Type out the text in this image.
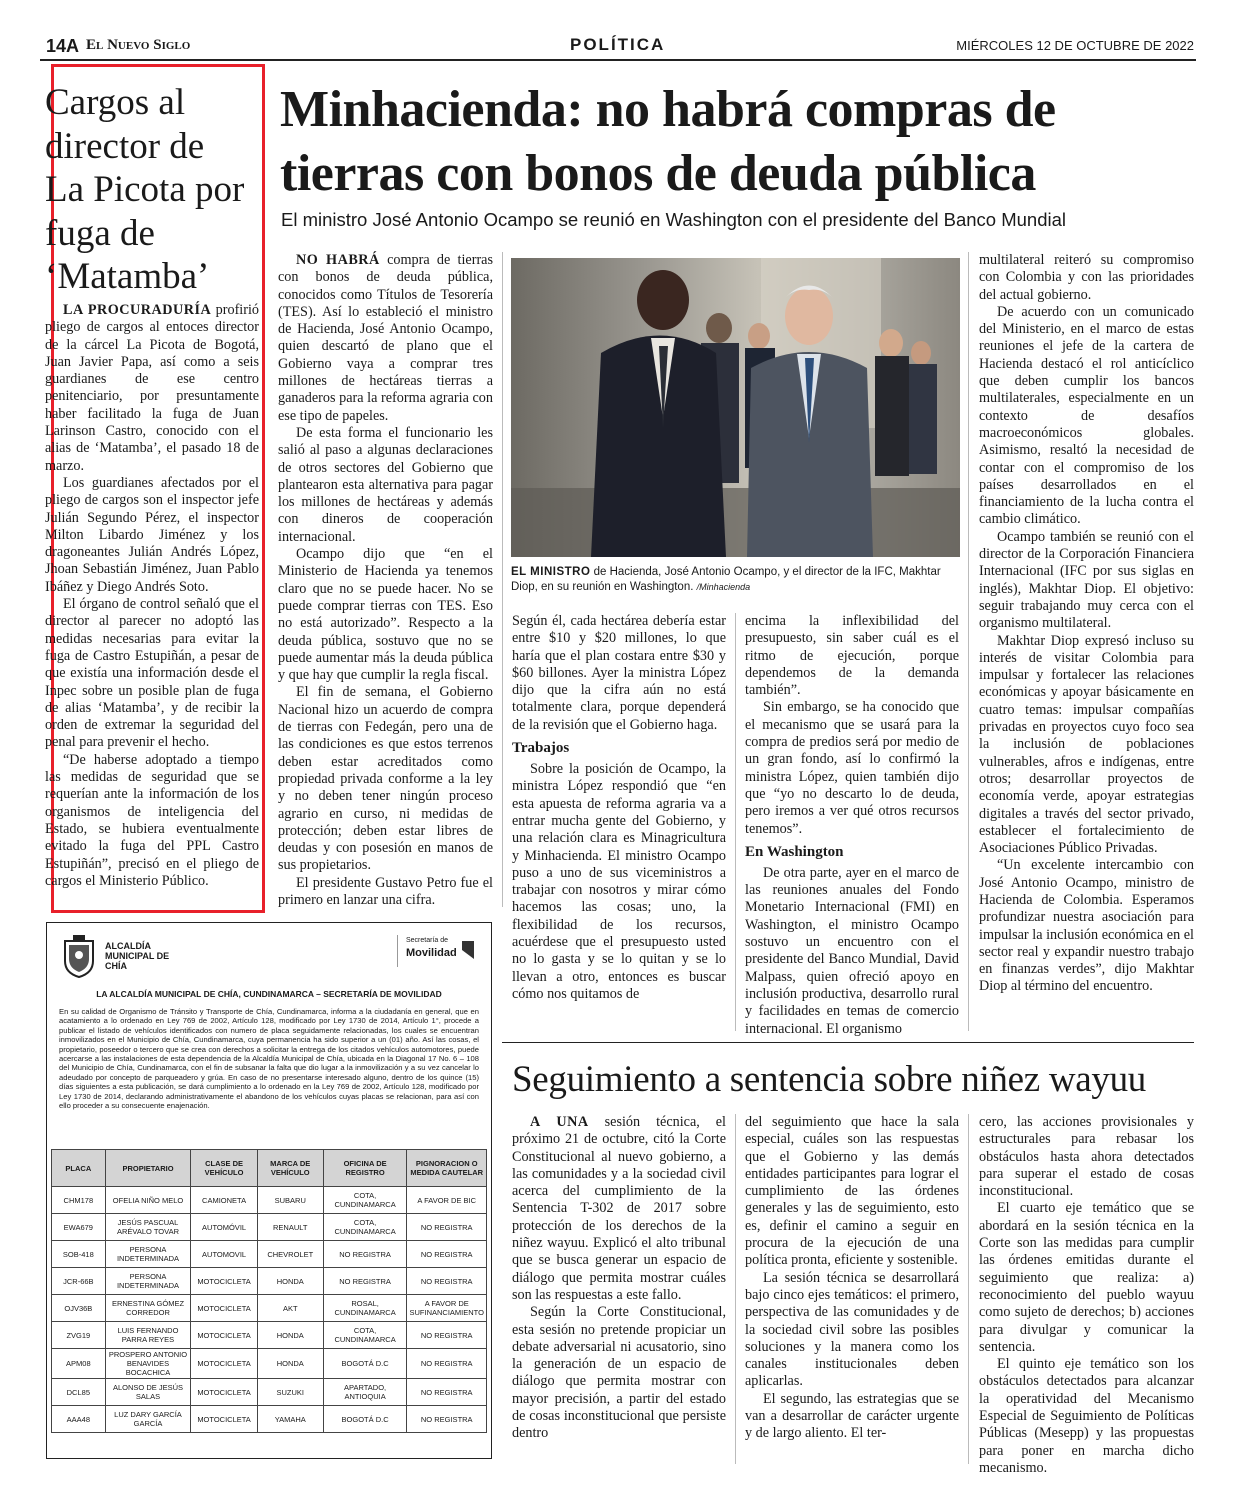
14A El Nuevo Siglo	POLÍTICA	MIÉRCOLES 12 DE OCTUBRE DE 2022
Cargos al director de La Picota por fuga de ‘Matamba’

LA PROCURADURÍA profirió pliego de cargos al entoces director de la cárcel La Picota de Bogotá, Juan Javier Papa, así como a seis guardianes de ese centro penitenciario, por presuntamente haber facilitado la fuga de Juan Larinson Castro, conocido con el alias de ‘Matamba’, el pasado 18 de marzo.

Los guardianes afectados por el pliego de cargos son el inspector jefe Julián Segundo Pérez, el inspector Milton Libardo Jiménez y los dragoneantes Julián Andrés López, Jhoan Sebastián Jiménez, Juan Pablo Ibáñez y Diego Andrés Soto.

El órgano de control señaló que el director al parecer no adoptó las medidas necesarias para evitar la fuga de Castro Estupiñán, a pesar de que existía una información desde el Inpec sobre un posible plan de fuga de alias ‘Matamba’, y de recibir la orden de extremar la seguridad del penal para prevenir el hecho.

“De haberse adoptado a tiempo las medidas de seguridad que se requerían ante la información de los organismos de inteligencia del Estado, se hubiera eventualmente evitado la fuga del PPL Castro Estupiñán”, precisó en el pliego de cargos el Ministerio Público.

Minhacienda: no habrá compras de tierras con bonos de deuda pública
El ministro José Antonio Ocampo se reunió en Washington con el presidente del Banco Mundial

NO HABRÁ compra de tierras con bonos de deuda pública, conocidos como Títulos de Tesorería (TES). Así lo estableció el ministro de Hacienda, José Antonio Ocampo, quien descartó de plano que el Gobierno vaya a comprar tres millones de hectáreas tierras a ganaderos para la reforma agraria con ese tipo de papeles.

De esta forma el funcionario les salió al paso a algunas declaraciones de otros sectores del Gobierno que plantearon esta alternativa para pagar los millones de hectáreas y además con dineros de cooperación internacional.

Ocampo dijo que “en el Ministerio de Hacienda ya tenemos claro que no se puede hacer. No se puede comprar tierras con TES. Eso no está autorizado”. Respecto a la deuda pública, sostuvo que no se puede aumentar más la deuda pública y que hay que cumplir la regla fiscal.

El fin de semana, el Gobierno Nacional hizo un acuerdo de compra de tierras con Fedegán, pero una de las condiciones es que estos terrenos deben estar acreditados como propiedad privada conforme a la ley y no deben tener ningún proceso agrario en curso, ni medidas de protección; deben estar libres de deudas y con posesión en manos de sus propietarios.

El presidente Gustavo Petro fue el primero en lanzar una cifra.

EL MINISTRO de Hacienda, José Antonio Ocampo, y el director de la IFC, Makhtar Diop, en su reunión en Washington. /Minhacienda

Según él, cada hectárea debería estar entre $10 y $20 millones, lo que haría que el plan costara entre $30 y $60 billones. Ayer la ministra López dijo que la cifra aún no está totalmente clara, porque dependerá de la revisión que el Gobierno haga.

Trabajos

Sobre la posición de Ocampo, la ministra López respondió que “en esta apuesta de reforma agraria va a entrar mucha gente del Gobierno, y una relación clara es Minagricultura y Minhacienda. El ministro Ocampo puso a uno de sus viceministros a trabajar con nosotros y mirar cómo hacemos las cosas; uno, la flexibilidad de los recursos, acuérdese que el presupuesto usted no lo gasta y se lo quitan y se lo llevan a otro, entonces es buscar cómo nos quitamos de

encima la inflexibilidad del presupuesto, sin saber cuál es el ritmo de ejecución, porque dependemos de la demanda también”.

Sin embargo, se ha conocido que el mecanismo que se usará para la compra de predios será por medio de un gran fondo, así lo confirmó la ministra López, quien también dijo que “yo no descarto lo de deuda, pero iremos a ver qué otros recursos tenemos”.

En Washington

De otra parte, ayer en el marco de las reuniones anuales del Fondo Monetario Internacional (FMI) en Washington, el ministro Ocampo sostuvo un encuentro con el presidente del Banco Mundial, David Malpass, quien ofreció apoyo en inclusión productiva, desarrollo rural y facilidades en temas de comercio internacional. El organismo

multilateral reiteró su compromiso con Colombia y con las prioridades del actual gobierno.

De acuerdo con un comunicado del Ministerio, en el marco de estas reuniones el jefe de la cartera de Hacienda destacó el rol anticíclico que deben cumplir los bancos multilaterales, especialmente en un contexto de desafíos macroeconómicos globales. Asimismo, resaltó la necesidad de contar con el compromiso de los países desarrollados en el financiamiento de la lucha contra el cambio climático.

Ocampo también se reunió con el director de la Corporación Financiera Internacional (IFC por sus siglas en inglés), Makhtar Diop. El objetivo: seguir trabajando muy cerca con el organismo multilateral.

Makhtar Diop expresó incluso su interés de visitar Colombia para impulsar y fortalecer las relaciones económicas y apoyar básicamente en cuatro temas: impulsar compañías privadas en proyectos cuyo foco sea la inclusión de poblaciones vulnerables, afros e indígenas, entre otros; desarrollar proyectos de economía verde, apoyar estrategias digitales a través del sector privado, establecer el fortalecimiento de Asociaciones Público Privadas.

“Un excelente intercambio con José Antonio Ocampo, ministro de Hacienda de Colombia. Esperamos profundizar nuestra asociación para impulsar la inclusión económica en el sector real y expandir nuestro trabajo en finanzas verdes”, dijo Makhtar Diop al término del encuentro.

ALCALDÍA MUNICIPAL DE CHÍA
Secretaría de
Movilidad
LA ALCALDÍA MUNICIPAL DE CHÍA, CUNDINAMARCA – SECRETARÍA DE MOVILIDAD
En su calidad de Organismo de Tránsito y Transporte de Chía, Cundinamarca, informa a la ciudadanía en general, que en acatamiento a lo ordenado en Ley 769 de 2002, Artículo 128, modificado por Ley 1730 de 2014, Artículo 1°, procede a publicar el listado de vehículos identificados con numero de placa seguidamente relacionadas, los cuales se encuentran inmovilizados en el Municipio de Chía, Cundinamarca, cuya permanencia ha sido superior a un (01) año. Así las cosas, el propietario, poseedor o tercero que se crea con derechos a solicitar la entrega de los citados vehículos automotores, puede acercarse a las instalaciones de esta dependencia de la Alcaldía Municipal de Chía, ubicada en la Diagonal 17 No. 6 – 108 del Municipio de Chía, Cundinamarca, con el fin de subsanar la falta que dio lugar a la inmovilización y a su vez cancelar lo adeudado por concepto de parqueadero y grúa. En caso de no presentarse interesado alguno, dentro de los quince (15) días siguientes a esta publicación, se dará cumplimiento a lo ordenado en la Ley 769 de 2002, Artículo 128, modificado por Ley 1730 de 2014, declarando administrativamente el abandono de los vehículos cuyas placas se relacionan, para así con ello proceder a su consecuente enajenación.
PLACA	PROPIETARIO	CLASE DE VEHÍCULO	MARCA DE VEHÍCULO	OFICINA DE REGISTRO	PIGNORACION O MEDIDA CAUTELAR
CHM178	OFELIA NIÑO MELO	CAMIONETA	SUBARU	COTA, CUNDINAMARCA	A FAVOR DE BIC
EWA679	JESÚS PASCUAL ARÉVALO TOVAR	AUTOMÓVIL	RENAULT	COTA, CUNDINAMARCA	NO REGISTRA
SOB-418	PERSONA INDETERMINADA	AUTOMOVIL	CHEVROLET	NO REGISTRA	NO REGISTRA
JCR-66B	PERSONA INDETERMINADA	MOTOCICLETA	HONDA	NO REGISTRA	NO REGISTRA
OJV36B	ERNESTINA GÓMEZ CORREDOR	MOTOCICLETA	AKT	ROSAL, CUNDINAMARCA	A FAVOR DE SUFINANCIAMIENTO
ZVG19	LUIS FERNANDO PARRA REYES	MOTOCICLETA	HONDA	COTA, CUNDINAMARCA	NO REGISTRA
APM08	PROSPERO ANTONIO BENAVIDES BOCACHICA	MOTOCICLETA	HONDA	BOGOTÁ D.C	NO REGISTRA
DCL85	ALONSO DE JESÚS SALAS	MOTOCICLETA	SUZUKI	APARTADO, ANTIOQUIA	NO REGISTRA
AAA48	LUZ DARY GARCÍA GARCÍA	MOTOCICLETA	YAMAHA	BOGOTÁ D.C	NO REGISTRA
Seguimiento a sentencia sobre niñez wayuu

A UNA sesión técnica, el próximo 21 de octubre, citó la Corte Constitucional al nuevo gobierno, a las comunidades y a la sociedad civil acerca del cumplimiento de la Sentencia T-302 de 2017 sobre protección de los derechos de la niñez wayuu. Explicó el alto tribunal que se busca generar un espacio de diálogo que permita mostrar cuáles son las respuestas a este fallo.

Según la Corte Constitucional, esta sesión no pretende propiciar un debate adversarial ni acusatorio, sino la generación de un espacio de diálogo que permita mostrar con mayor precisión, a partir del estado de cosas inconstitucional que persiste dentro

del seguimiento que hace la sala especial, cuáles son las respuestas que el Gobierno y las demás entidades participantes para lograr el cumplimiento de las órdenes generales y las de seguimiento, esto es, definir el camino a seguir en procura de la ejecución de una política pronta, eficiente y sostenible.

La sesión técnica se desarrollará bajo cinco ejes temáticos: el primero, perspectiva de las comunidades y de la sociedad civil sobre las posibles soluciones y la manera como los canales institucionales deben aplicarlas.

El segundo, las estrategias que se van a desarrollar de carácter urgente y de largo aliento. El ter-

cero, las acciones provisionales y estructurales para rebasar los obstáculos hasta ahora detectados para superar el estado de cosas inconstitucional.

El cuarto eje temático que se abordará en la sesión técnica en la Corte son las medidas para cumplir las órdenes emitidas durante el seguimiento que realiza: a) reconocimiento del pueblo wayuu como sujeto de derechos; b) acciones para divulgar y comunicar la sentencia.

El quinto eje temático son los obstáculos detectados para alcanzar la operatividad del Mecanismo Especial de Seguimiento de Políticas Públicas (Mesepp) y las propuestas para poner en marcha dicho mecanismo.
